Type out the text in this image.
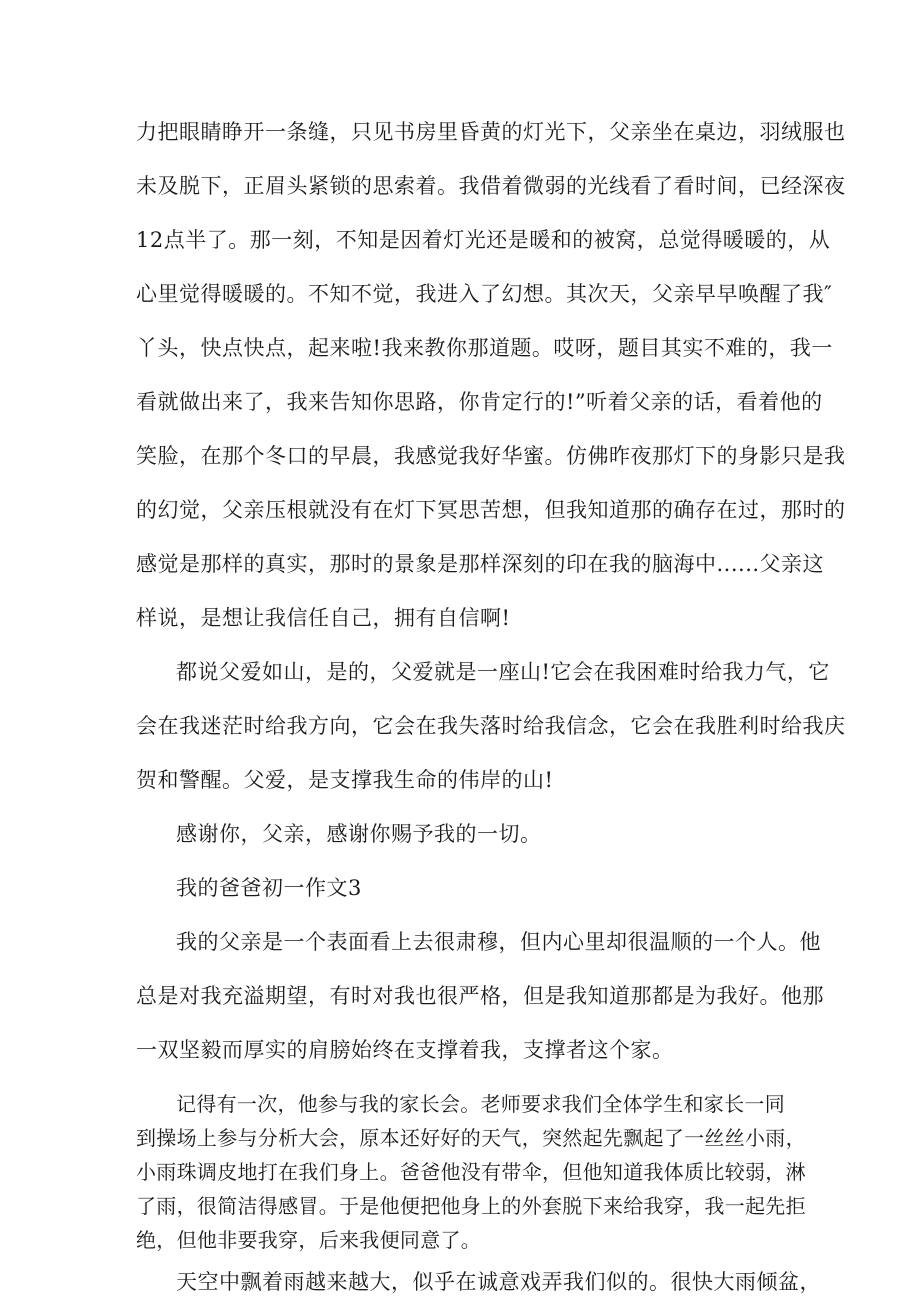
力把眼睛睁开一条缝，只见书房里昏黄的灯光下，父亲坐在桌边，羽绒服也
未及脱下，正眉头紧锁的思索着。我借着微弱的光线看了看时间，已经深夜
12点半了。那一刻，不知是因着灯光还是暖和的被窝，总觉得暖暖的，从
心里觉得暖暖的。不知不觉，我进入了幻想。其次天，父亲早早唤醒了我″
丫头，快点快点，起来啦!我来教你那道题。哎呀，题目其实不难的，我一
看就做出来了，我来告知你思路，你肯定行的!”听着父亲的话，看着他的
笑脸，在那个冬口的早晨，我感觉我好华蜜。仿佛昨夜那灯下的身影只是我
的幻觉，父亲压根就没有在灯下冥思苦想，但我知道那的确存在过，那时的
感觉是那样的真实，那时的景象是那样深刻的印在我的脑海中......父亲这
样说，是想让我信任自己，拥有自信啊!
都说父爱如山，是的，父爱就是一座山!它会在我困难时给我力气，它
会在我迷茫时给我方向，它会在我失落时给我信念，它会在我胜利时给我庆
贺和警醒。父爱，是支撑我生命的伟岸的山!
感谢你，父亲，感谢你赐予我的一切。
我的爸爸初一作文3
我的父亲是一个表面看上去很肃穆，但内心里却很温顺的一个人。他
总是对我充溢期望，有时对我也很严格，但是我知道那都是为我好。他那
一双坚毅而厚实的肩膀始终在支撑着我，支撑者这个家。
记得有一次，他参与我的家长会。老师要求我们全体学生和家长一同
到操场上参与分析大会，原本还好好的天气，突然起先飘起了一丝丝小雨，
小雨珠调皮地打在我们身上。爸爸他没有带伞，但他知道我体质比较弱，淋
了雨，很简洁得感冒。于是他便把他身上的外套脱下来给我穿，我一起先拒
绝，但他非要我穿，后来我便同意了。
天空中飘着雨越来越大，似乎在诚意戏弄我们似的。很快大雨倾盆，
